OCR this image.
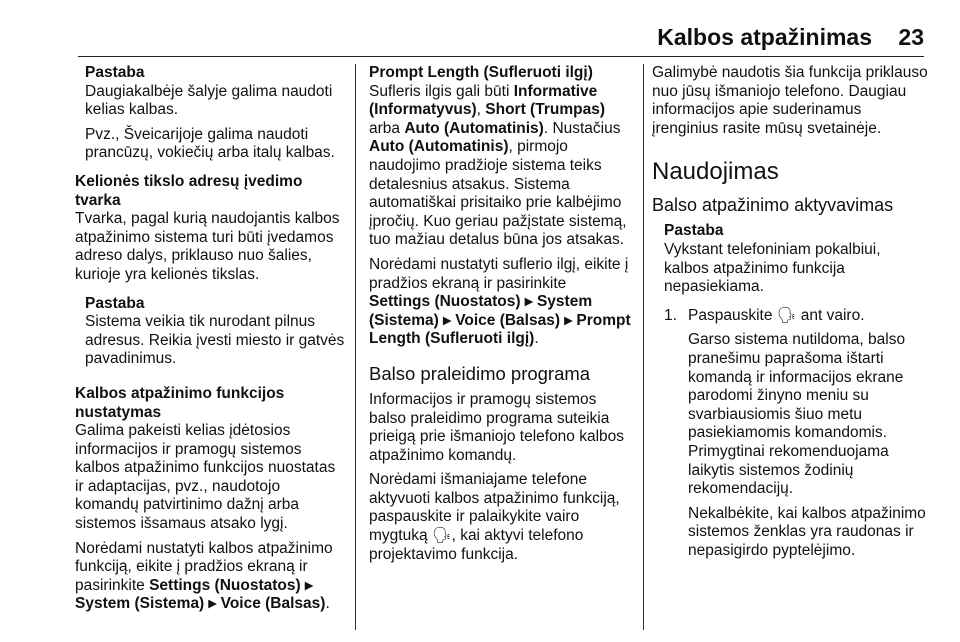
Kalbos atpažinimas 23

Pastaba

Daugiakalbėje šalyje galima naudoti kelias kalbas.

Pvz., Šveicarijoje galima naudoti prancūzų, vokiečių arba italų kalbas.

Kelionės tikslo adresų įvedimo tvarka

Tvarka, pagal kurią naudojantis kalbos atpažinimo sistema turi būti įvedamos adreso dalys, priklauso nuo šalies, kurioje yra kelionės tikslas.

Pastaba

Sistema veikia tik nurodant pilnus adresus. Reikia įvesti miesto ir gatvės pavadinimus.

Kalbos atpažinimo funkcijos nustatymas

Galima pakeisti kelias įdėtosios informacijos ir pramogų sistemos kalbos atpažinimo funkcijos nuostatas ir adaptacijas, pvz., naudotojo komandų patvirtinimo dažnį arba sistemos išsamaus atsako lygį.

Norėdami nustatyti kalbos atpažinimo funkciją, eikite į pradžios ekraną ir pasirinkite Settings (Nuostatos) ▸ System (Sistema) ▸ Voice (Balsas).

Prompt Length (Sufleruoti ilgį)

Sufleris ilgis gali būti Informative (Informatyvus), Short (Trumpas) arba Auto (Automatinis). Nustačius Auto (Automatinis), pirmojo naudojimo pradžioje sistema teiks detalesnius atsakus. Sistema automatiškai prisitaiko prie kalbėjimo įpročių. Kuo geriau pažįstate sistemą, tuo mažiau detalus būna jos atsakas.

Norėdami nustatyti suflerio ilgį, eikite į pradžios ekraną ir pasirinkite Settings (Nuostatos) ▸ System (Sistema) ▸ Voice (Balsas) ▸ Prompt Length (Sufleruoti ilgį).

Balso praleidimo programa

Informacijos ir pramogų sistemos balso praleidimo programa suteikia prieigą prie išmaniojo telefono kalbos atpažinimo komandų.

Norėdami išmaniajame telefone aktyvuoti kalbos atpažinimo funkciją, paspauskite ir palaikykite vairo mygtuką 🗣, kai aktyvi telefono projektavimo funkcija.

Galimybė naudotis šia funkcija priklauso nuo jūsų išmaniojo telefono. Daugiau informacijos apie suderinamus įrenginius rasite mūsų svetainėje.

Naudojimas

Balso atpažinimo aktyvavimas

Pastaba

Vykstant telefoniniam pokalbiui, kalbos atpažinimo funkcija nepasiekiama.

1. Paspauskite 🗣 ant vairo.

Garso sistema nutildoma, balso pranešimu paprašoma ištarti komandą ir informacijos ekrane parodomi žinyno meniu su svarbiausiomis šiuo metu pasiekiamomis komandomis. Primygtinai rekomenduojama laikytis sistemos žodinių rekomendacijų.

Nekalbėkite, kai kalbos atpažinimo sistemos ženklas yra raudonas ir nepasigirdo pyptelėjimo.
